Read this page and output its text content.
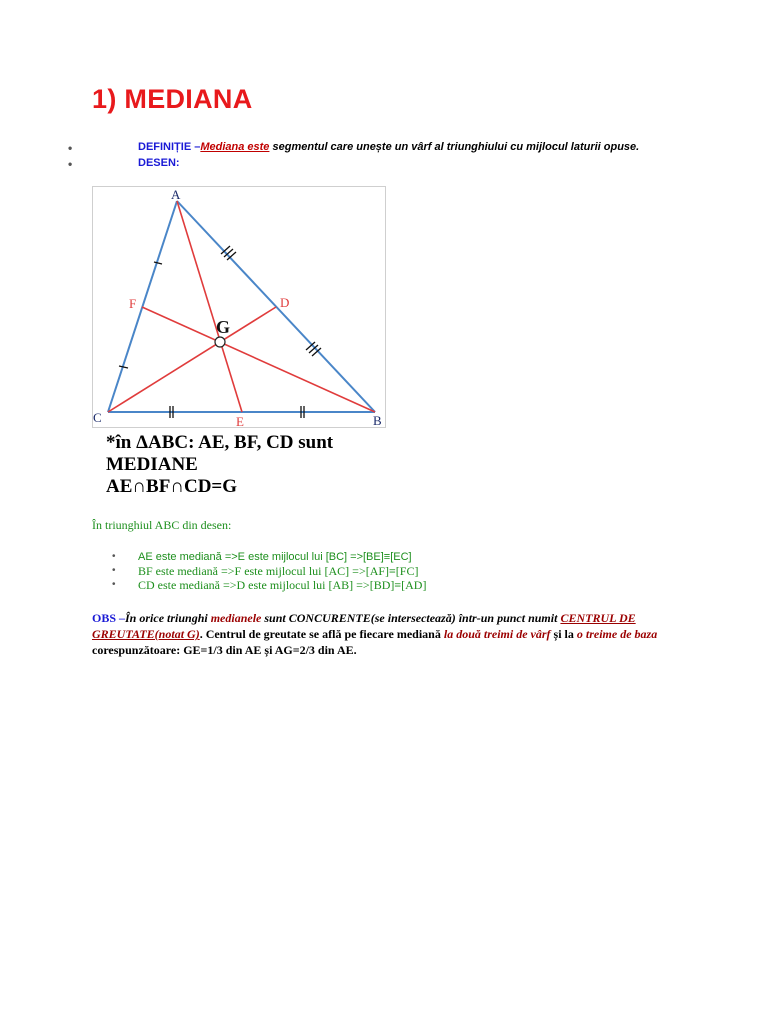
1) MEDIANA
•	DEFINIȚIE –Mediana este segmentul care unește un vârf al triunghiului cu mijlocul laturii opuse.
•	DESEN:
A
B
C
D
E
F
G
*în ΔABC: AE, BF, CD sunt
MEDIANE
AE∩BF∩CD=G
În triunghiul ABC din desen:
• AE este mediană =>E este mijlocul lui [BC] =>[BE]≡[EC]
• BF este mediană =>F este mijlocul lui [AC] =>[AF]≡[FC]
• CD este mediană =>D este mijlocul lui [AB] =>[BD]≡[AD]
OBS –În orice triunghi medianele sunt CONCURENTE(se intersectează) într-un punct numit CENTRUL DE GREUTATE(notat G). Centrul de greutate se află pe fiecare mediană la două treimi de vârf și la o treime de baza corespunzătoare: GE=1/3 din AE și AG=2/3 din AE.
